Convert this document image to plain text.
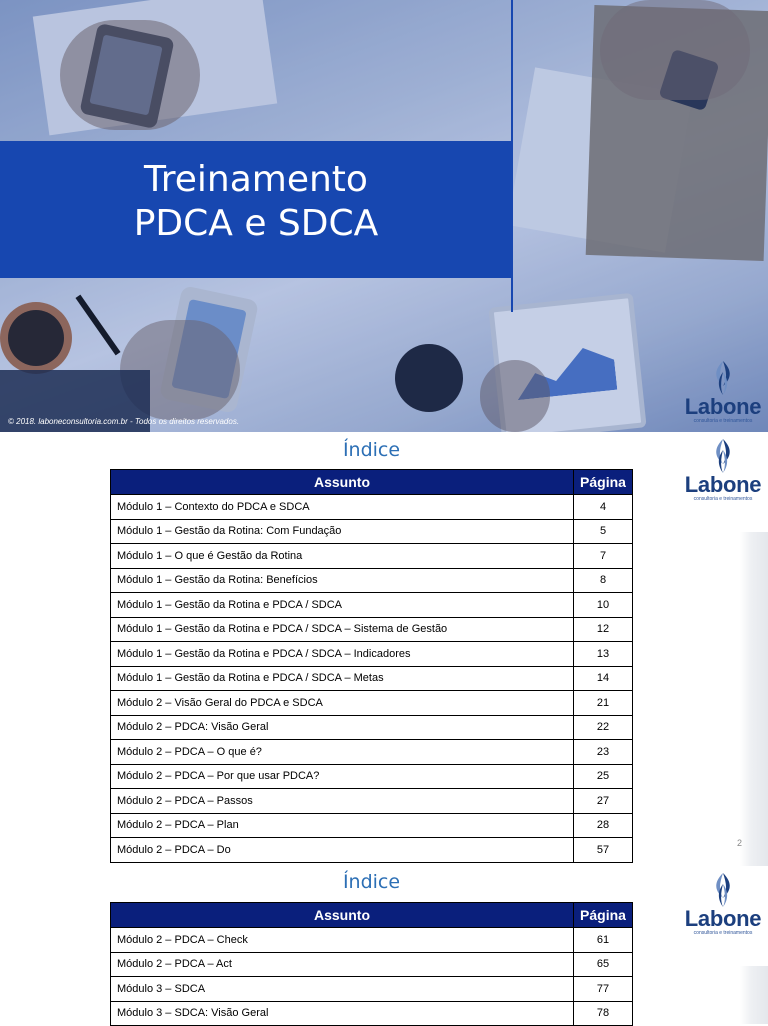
Treinamento
PDCA e SDCA
© 2018. laboneconsultoria.com.br - Todos os direitos reservados.
Labone
consultoria e treinamentos
Índice
Labone
consultoria e treinamentos
Assunto	Página
Módulo 1 – Contexto do PDCA e SDCA	4
Módulo 1 – Gestão da Rotina: Com Fundação	5
Módulo 1 – O que é Gestão da Rotina	7
Módulo 1 – Gestão da Rotina: Benefícios	8
Módulo 1 – Gestão da Rotina e PDCA / SDCA	10
Módulo 1 – Gestão da Rotina e PDCA / SDCA – Sistema de Gestão	12
Módulo 1 – Gestão da Rotina e PDCA / SDCA – Indicadores	13
Módulo 1 – Gestão da Rotina e PDCA / SDCA – Metas	14
Módulo 2 – Visão Geral do PDCA e SDCA	21
Módulo 2 – PDCA: Visão Geral	22
Módulo 2 – PDCA – O que é?	23
Módulo 2 – PDCA – Por que usar PDCA?	25
Módulo 2 – PDCA – Passos	27
Módulo 2 – PDCA – Plan	28
Módulo 2 – PDCA – Do	57
2
Índice
Labone
consultoria e treinamentos
Assunto	Página
Módulo 2 – PDCA – Check	61
Módulo 2 – PDCA – Act	65
Módulo 3 – SDCA	77
Módulo 3 – SDCA: Visão Geral	78
